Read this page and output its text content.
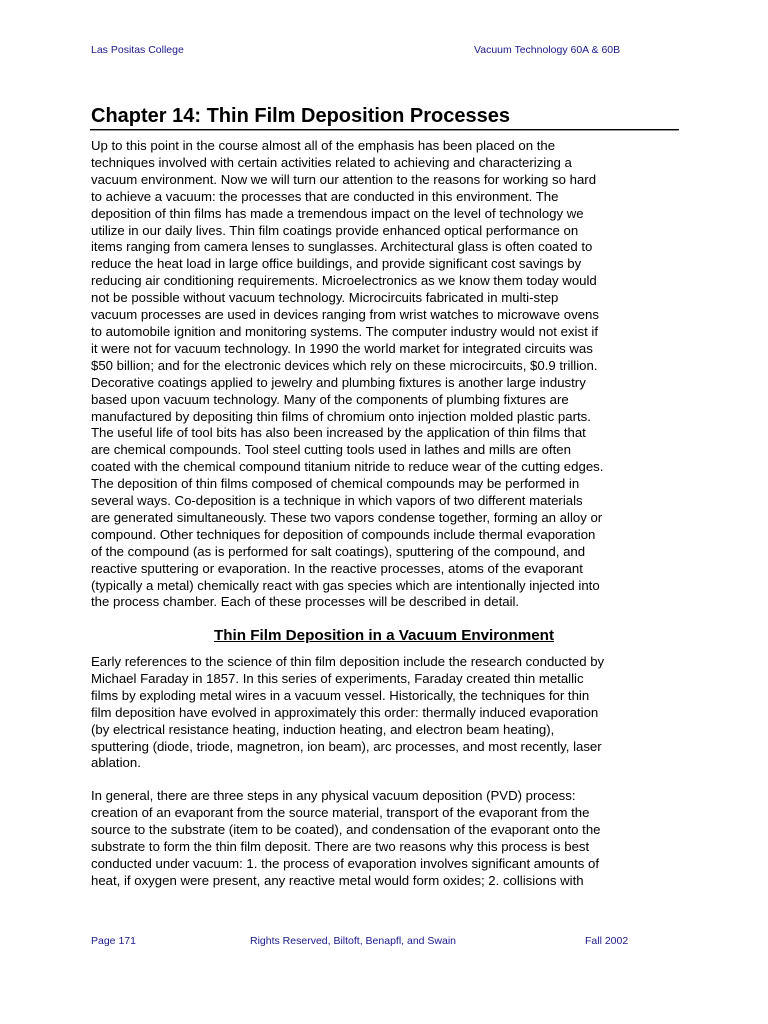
Las Positas College	Vacuum Technology 60A & 60B
Chapter 14: Thin Film Deposition Processes
Up to this point in the course almost all of the emphasis has been placed on the
techniques involved with certain activities related to achieving and characterizing a
vacuum environment. Now we will turn our attention to the reasons for working so hard
to achieve a vacuum: the processes that are conducted in this environment. The
deposition of thin films has made a tremendous impact on the level of technology we
utilize in our daily lives. Thin film coatings provide enhanced optical performance on
items ranging from camera lenses to sunglasses. Architectural glass is often coated to
reduce the heat load in large office buildings, and provide significant cost savings by
reducing air conditioning requirements. Microelectronics as we know them today would
not be possible without vacuum technology. Microcircuits fabricated in multi-step
vacuum processes are used in devices ranging from wrist watches to microwave ovens
to automobile ignition and monitoring systems. The computer industry would not exist if
it were not for vacuum technology. In 1990 the world market for integrated circuits was
$50 billion; and for the electronic devices which rely on these microcircuits, $0.9 trillion.
Decorative coatings applied to jewelry and plumbing fixtures is another large industry
based upon vacuum technology. Many of the components of plumbing fixtures are
manufactured by depositing thin films of chromium onto injection molded plastic parts.
The useful life of tool bits has also been increased by the application of thin films that
are chemical compounds. Tool steel cutting tools used in lathes and mills are often
coated with the chemical compound titanium nitride to reduce wear of the cutting edges.
The deposition of thin films composed of chemical compounds may be performed in
several ways. Co-deposition is a technique in which vapors of two different materials
are generated simultaneously. These two vapors condense together, forming an alloy or
compound. Other techniques for deposition of compounds include thermal evaporation
of the compound (as is performed for salt coatings), sputtering of the compound, and
reactive sputtering or evaporation. In the reactive processes, atoms of the evaporant
(typically a metal) chemically react with gas species which are intentionally injected into
the process chamber. Each of these processes will be described in detail.
Thin Film Deposition in a Vacuum Environment
Early references to the science of thin film deposition include the research conducted by
Michael Faraday in 1857. In this series of experiments, Faraday created thin metallic
films by exploding metal wires in a vacuum vessel. Historically, the techniques for thin
film deposition have evolved in approximately this order: thermally induced evaporation
(by electrical resistance heating, induction heating, and electron beam heating),
sputtering (diode, triode, magnetron, ion beam), arc processes, and most recently, laser
ablation.
In general, there are three steps in any physical vacuum deposition (PVD) process:
creation of an evaporant from the source material, transport of the evaporant from the
source to the substrate (item to be coated), and condensation of the evaporant onto the
substrate to form the thin film deposit. There are two reasons why this process is best
conducted under vacuum: 1. the process of evaporation involves significant amounts of
heat, if oxygen were present, any reactive metal would form oxides; 2. collisions with
Page 171	Rights Reserved, Biltoft, Benapfl, and Swain	Fall 2002
